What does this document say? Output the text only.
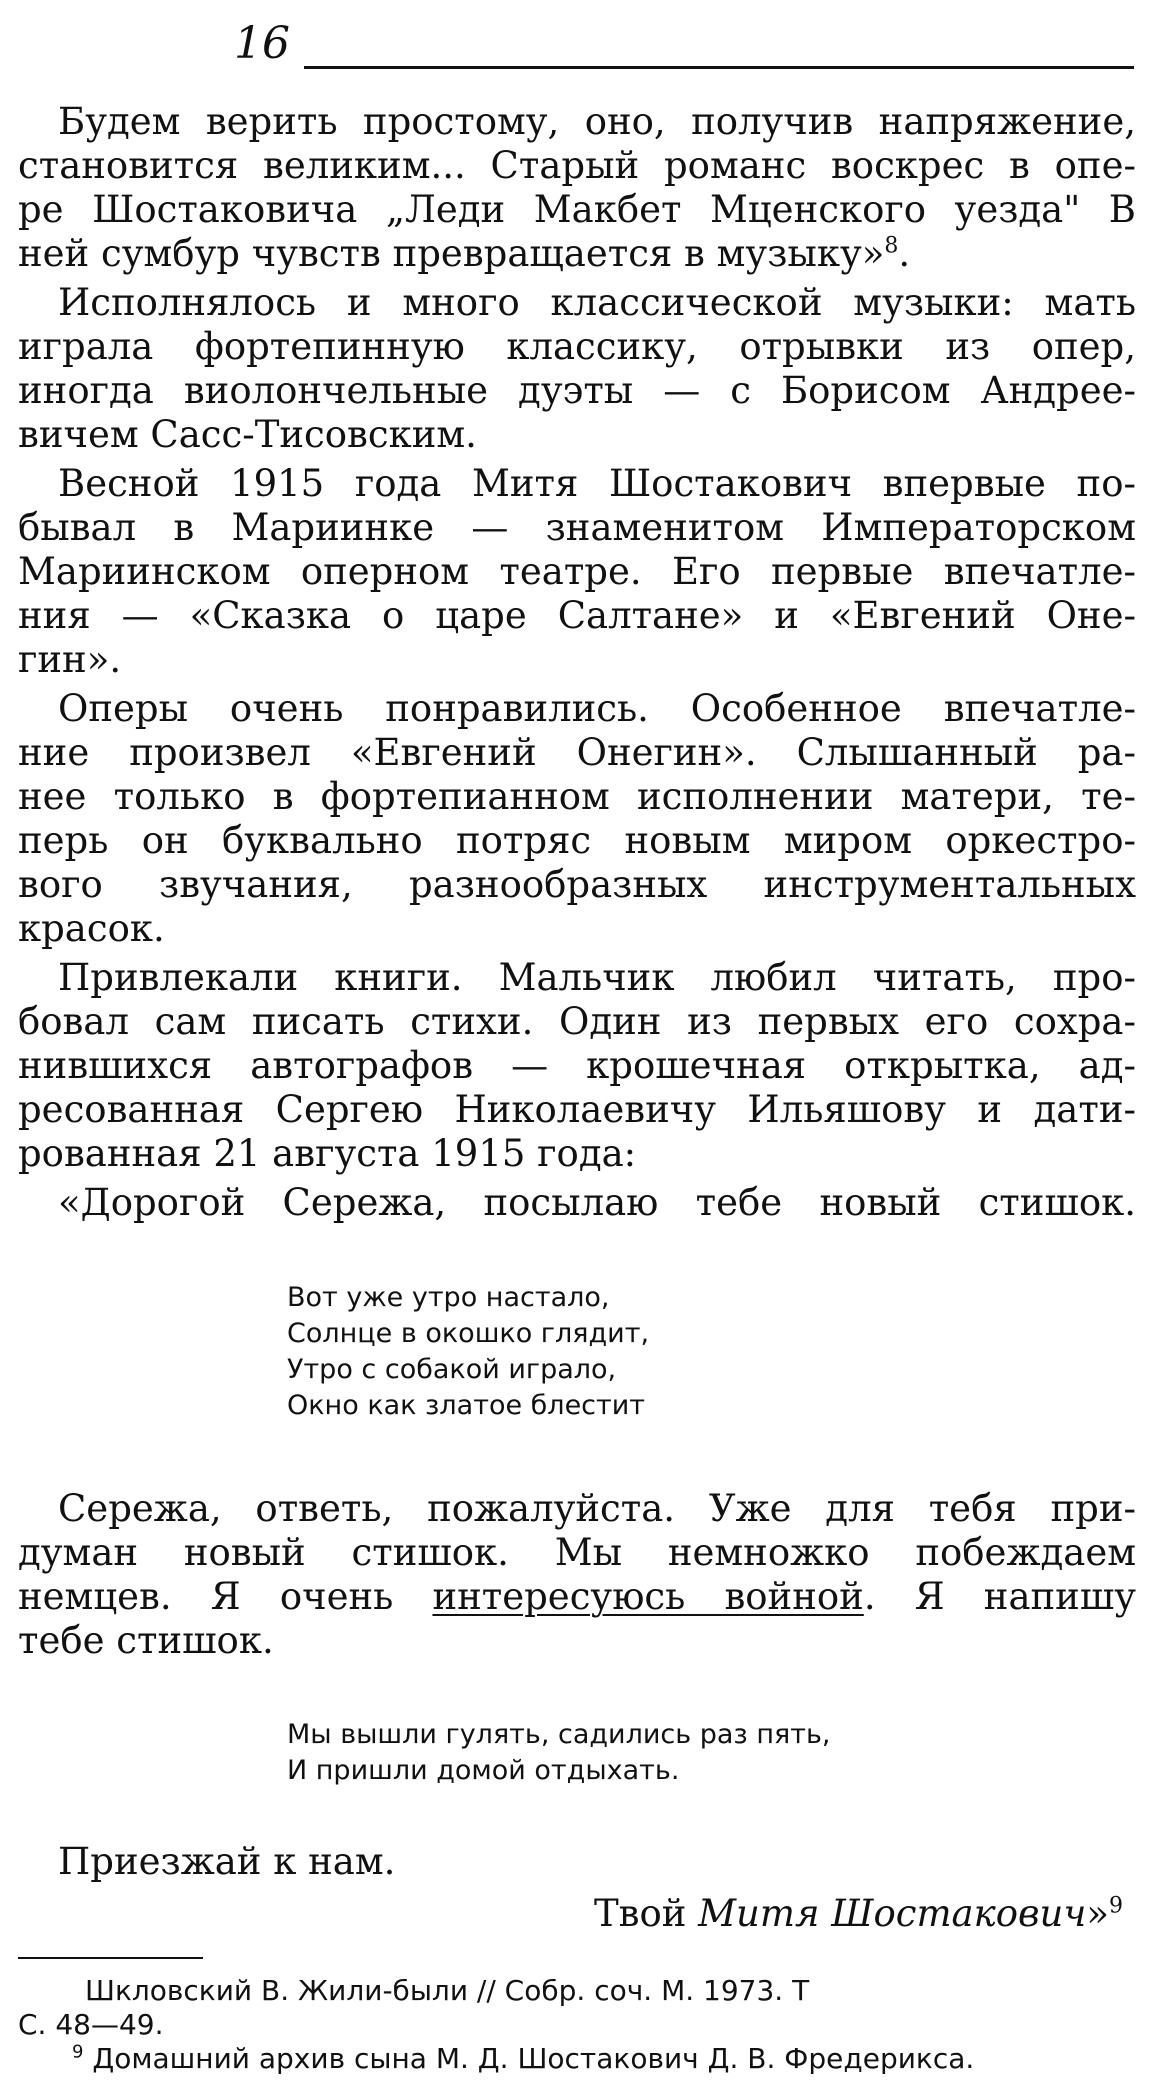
16
Будем верить простому, оно, получив напряжение,
становится великим... Старый романс воскрес в опе-
ре Шостаковича „Леди Макбет Мценского уезда" В
ней сумбур чувств превращается в музыку»$^8$.
Исполнялось и много классической музыки: мать
играла фортепинную классику, отрывки из опер,
иногда виолончельные дуэты — с Борисом Андрее-
вичем Сасс-Тисовским.
Весной 1915 года Митя Шостакович впервые по-
бывал в Мариинке — знаменитом Императорском
Мариинском оперном театре. Его первые впечатле-
ния — «Сказка о царе Салтане» и «Евгений Оне-
гин».
Оперы очень понравились. Особенное впечатле-
ние произвел «Евгений Онегин». Слышанный ра-
нее только в фортепианном исполнении матери, те-
перь он буквально потряс новым миром оркестро-
вого звучания, разнообразных инструментальных
красок.
Привлекали книги. Мальчик любил читать, про-
бовал сам писать стихи. Один из первых его сохра-
нившихся автографов — крошечная открытка, ад-
ресованная Сергею Николаевичу Ильяшову и дати-
рованная 21 августа 1915 года:
«Дорогой Сережа, посылаю тебе новый стишок.
Вот уже утро настало,
Солнце в окошко глядит,
Утро с собакой играло,
Окно как златое блестит
Сережа, ответь, пожалуйста. Уже для тебя при-
думан новый стишок. Мы немножко побеждаем
немцев. Я очень интересуюсь войной. Я напишу
тебе стишок.
Мы вышли гулять, садились раз пять,
И пришли домой отдыхать.
Приезжай к нам.
Твой Митя Шостакович»$^9$
Шкловский В. Жили-были // Собр. соч. М. 1973. Т
С. 48—49.
$^9$ Домашний архив сына М. Д. Шостакович Д. В. Фредерикса.
